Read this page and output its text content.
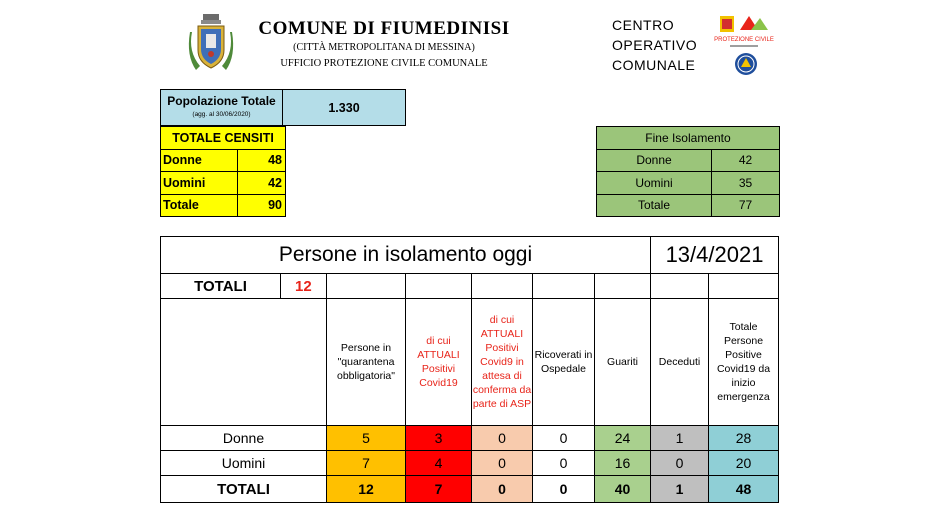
COMUNE DI FIUMEDINISI
(CITTÀ METROPOLITANA DI MESSINA)
UFFICIO PROTEZIONE CIVILE COMUNALE
CENTRO
OPERATIVO
COMUNALE
PROTEZIONE CIVILE
Popolazione Totale
(agg. al 30/06/2020)	1.330
TOTALE CENSITI	
Donne	48
Uomini	42
Totale	90
Fine Isolamento	
Donne	42
Uomini	35
Totale	77
Persone in isolamento oggi							13/4/2021	
TOTALI	12							
		Persone in "quarantena obbligatoria"	di cui ATTUALI Positivi Covid19	di cui ATTUALI Positivi Covid9 in attesa di conferma da parte di ASP	Ricoverati in Ospedale	Guariti	Deceduti	Totale Persone Positive Covid19 da inizio emergenza
Donne		5	3	0	0	24	1	28
Uomini		7	4	0	0	16	0	20
TOTALI		12	7	0	0	40	1	48
